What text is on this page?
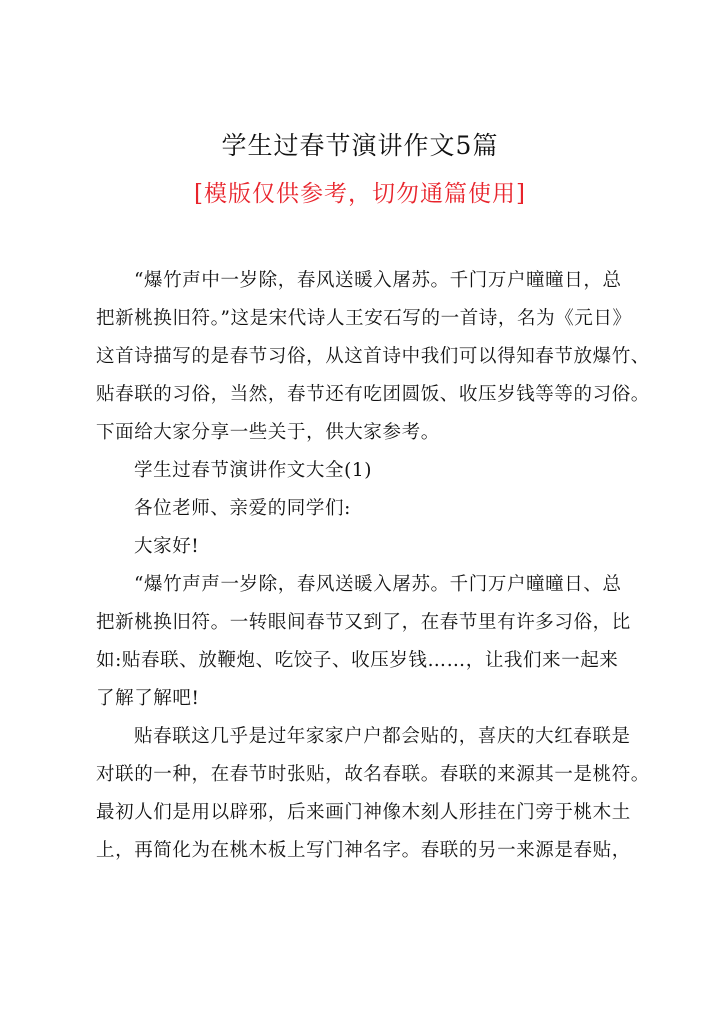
学生过春节演讲作文5篇
[模版仅供参考，切勿通篇使用]
“爆竹声中一岁除，春风送暖入屠苏。千门万户曈曈日，总
把新桃换旧符。”这是宋代诗人王安石写的一首诗，名为《元日》
这首诗描写的是春节习俗，从这首诗中我们可以得知春节放爆竹、
贴春联的习俗，当然，春节还有吃团圆饭、收压岁钱等等的习俗。
下面给大家分享一些关于，供大家参考。
学生过春节演讲作文大全(1)
各位老师、亲爱的同学们:
大家好!
“爆竹声声一岁除，春风送暖入屠苏。千门万户曈曈日、总
把新桃换旧符。一转眼间春节又到了，在春节里有许多习俗，比
如:贴春联、放鞭炮、吃饺子、收压岁钱……，让我们来一起来
了解了解吧!
贴春联这几乎是过年家家户户都会贴的，喜庆的大红春联是
对联的一种，在春节时张贴，故名春联。春联的来源其一是桃符。
最初人们是用以辟邪，后来画门神像木刻人形挂在门旁于桃木土
上，再简化为在桃木板上写门神名字。春联的另一来源是春贴，
